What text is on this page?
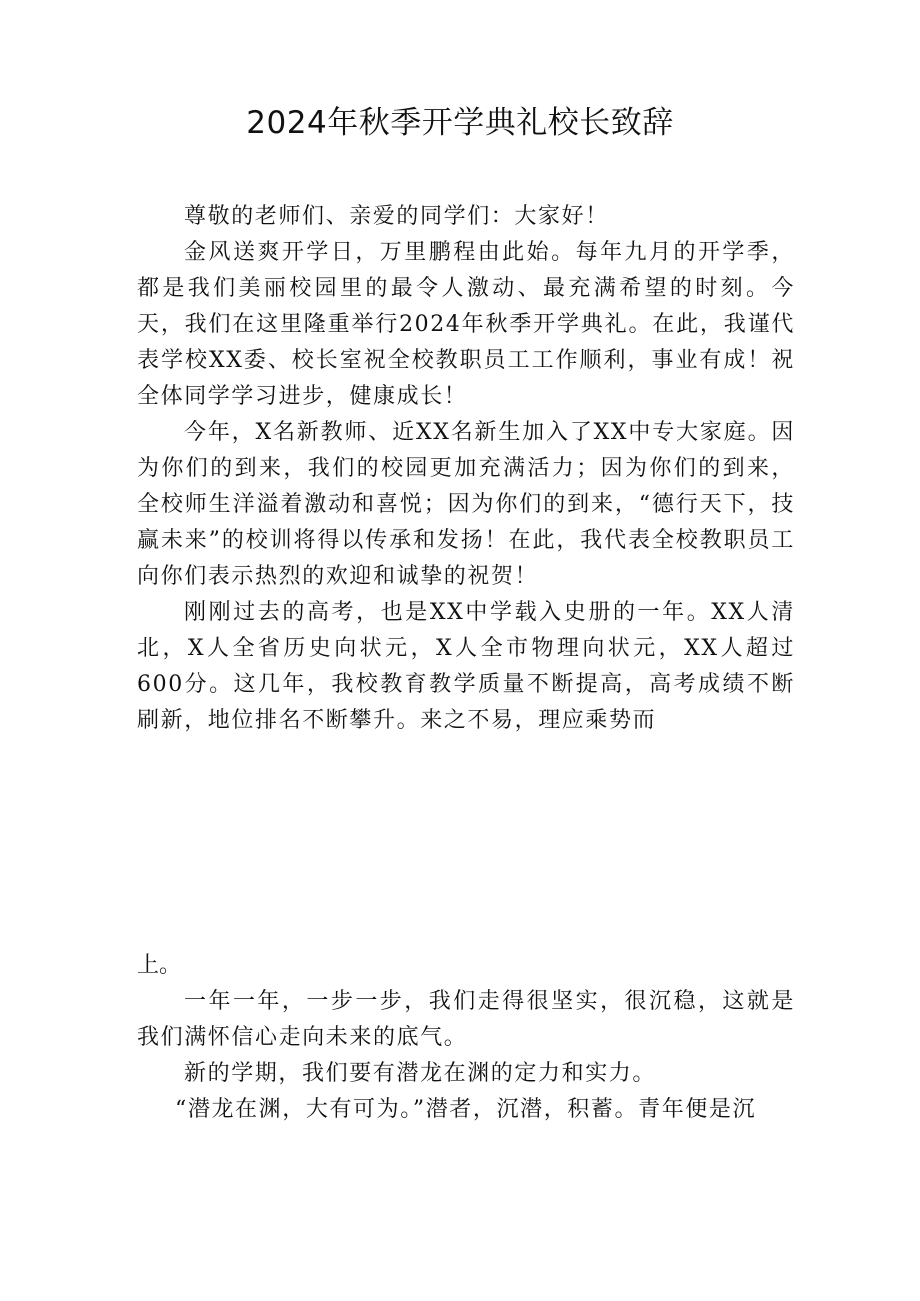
2024年秋季开学典礼校长致辞

尊敬的老师们、亲爱的同学们：大家好！

金风送爽开学日，万里鹏程由此始。每年九月的开学季，都是我们美丽校园里的最令人激动、最充满希望的时刻。今天，我们在这里隆重举行2024年秋季开学典礼。在此，我谨代表学校XX委、校长室祝全校教职员工工作顺利，事业有成！祝全体同学学习进步，健康成长！

今年，X名新教师、近XX名新生加入了XX中专大家庭。因为你们的到来，我们的校园更加充满活力；因为你们的到来，全校师生洋溢着激动和喜悦；因为你们的到来，“德行天下，技赢未来”的校训将得以传承和发扬！在此，我代表全校教职员工向你们表示热烈的欢迎和诚挚的祝贺！

刚刚过去的高考，也是XX中学载入史册的一年。XX人清北，X人全省历史向状元，X人全市物理向状元，XX人超过600分。这几年，我校教育教学质量不断提高，高考成绩不断刷新，地位排名不断攀升。来之不易，理应乘势而

上。

一年一年，一步一步，我们走得很坚实，很沉稳，这就是我们满怀信心走向未来的底气。

新的学期，我们要有潜龙在渊的定力和实力。

“潜龙在渊，大有可为。”潜者，沉潜，积蓄。青年便是沉
